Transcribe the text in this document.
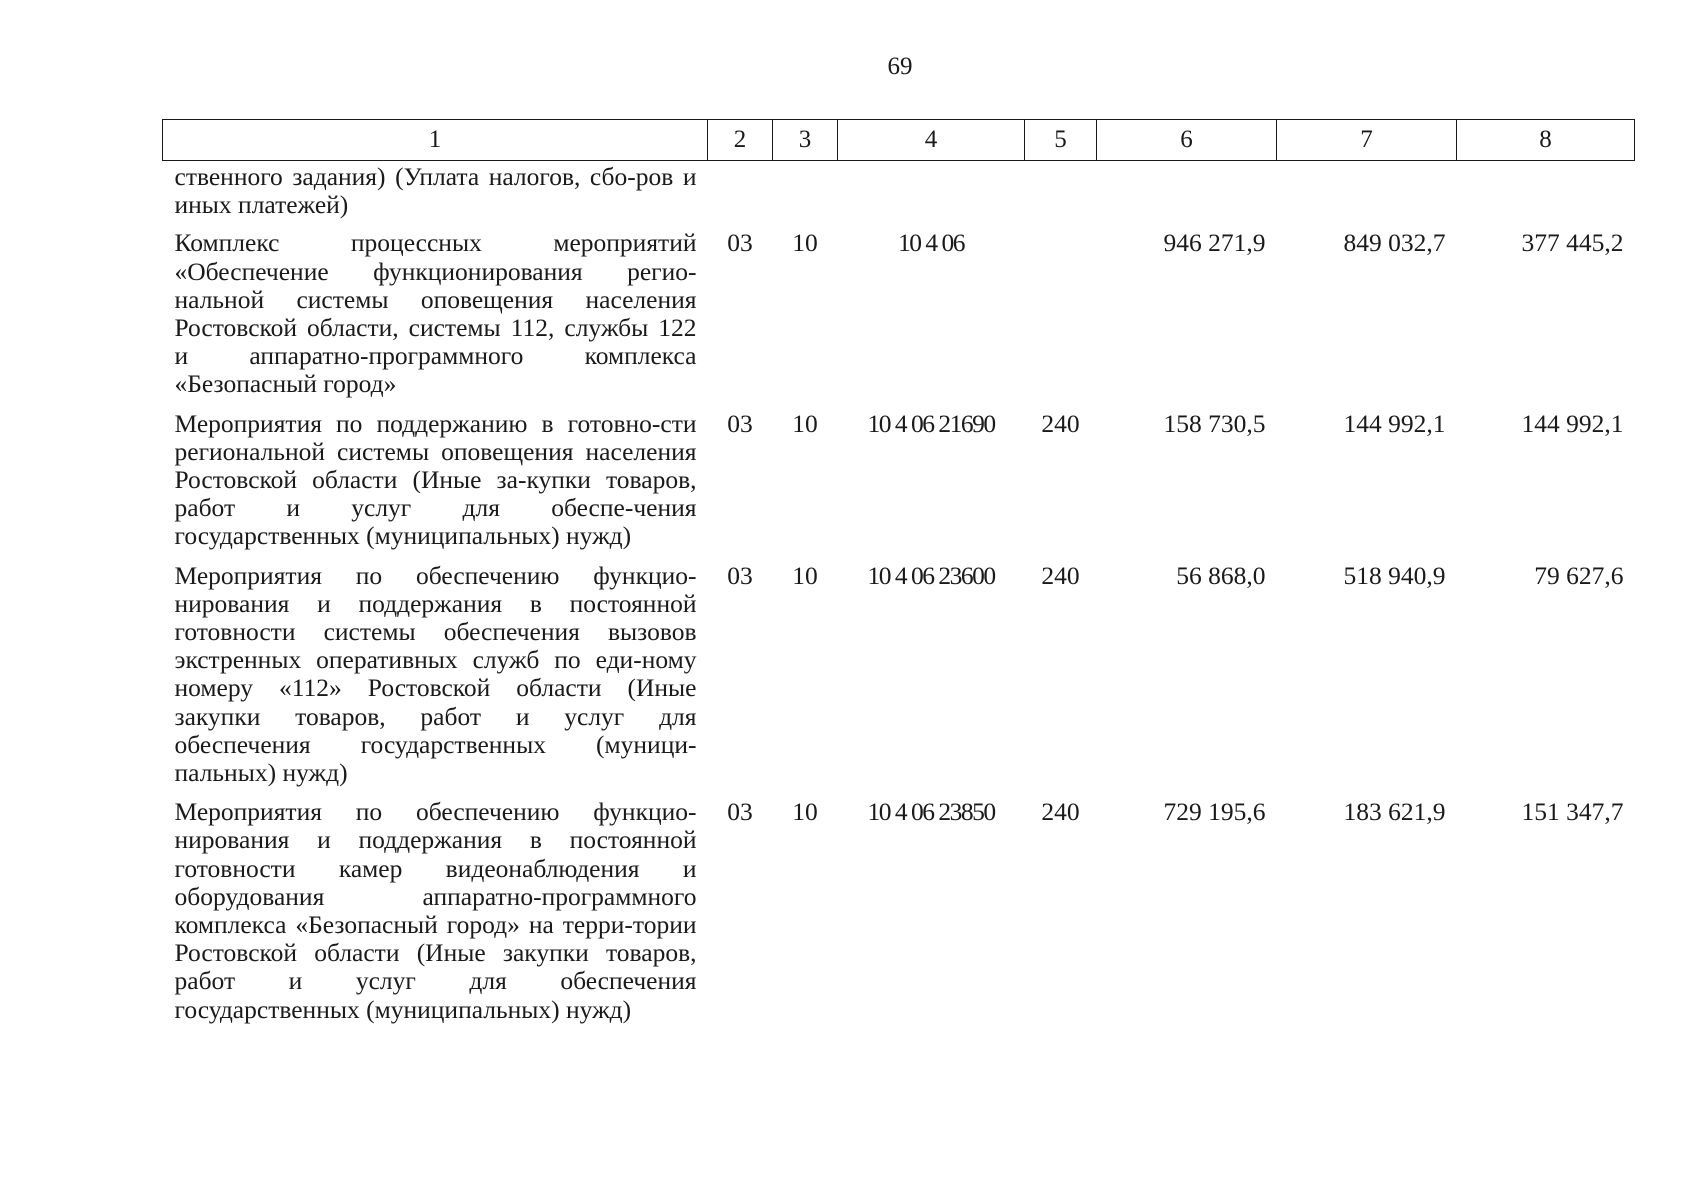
69
1	2	3	4	5	6	7	8
ственного задания) (Уплата налогов, сбо-ров и иных платежей)							
Комплекс процессных мероприятий «Обеспечение функционирования регио-нальной системы оповещения населения Ростовской области, системы 112, службы 122 и аппаратно-программного комплекса «Безопасный город»	03	10	10 4 06		946 271,9	849 032,7	377 445,2
Мероприятия по поддержанию в готовно-сти региональной системы оповещения населения Ростовской области (Иные за-купки товаров, работ и услуг для обеспе-чения государственных (муниципальных) нужд)	03	10	10 4 06 21690	240	158 730,5	144 992,1	144 992,1
Мероприятия по обеспечению функцио-нирования и поддержания в постоянной готовности системы обеспечения вызовов экстренных оперативных служб по еди-ному номеру «112» Ростовской области (Иные закупки товаров, работ и услуг для обеспечения государственных (муници-пальных) нужд)	03	10	10 4 06 23600	240	56 868,0	518 940,9	79 627,6
Мероприятия по обеспечению функцио-нирования и поддержания в постоянной готовности камер видеонаблюдения и оборудования аппаратно-программного комплекса «Безопасный город» на терри-тории Ростовской области (Иные закупки товаров, работ и услуг для обеспечения государственных (муниципальных) нужд)	03	10	10 4 06 23850	240	729 195,6	183 621,9	151 347,7
